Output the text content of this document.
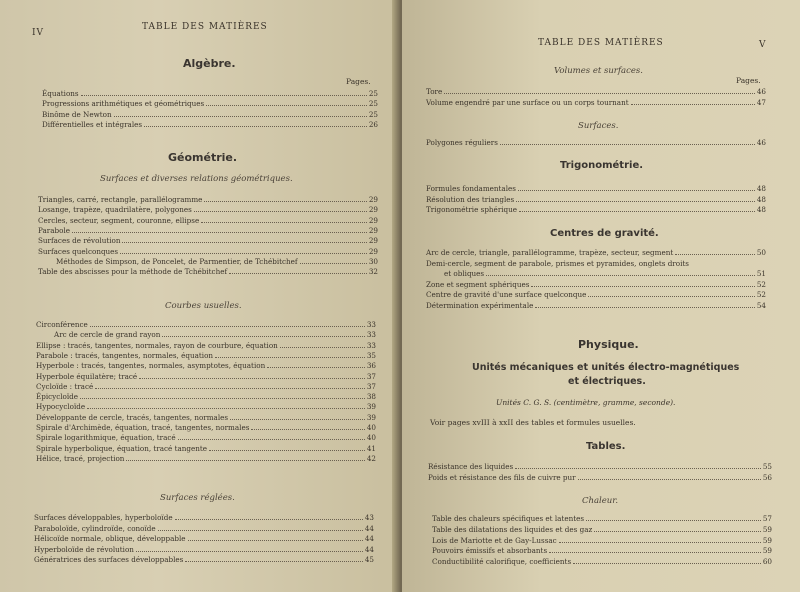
IV
TABLE DES MATIÈRES
Algèbre.
Pages.
Géométrie.
Surfaces et diverses relations géométriques.
Courbes usuelles.
Surfaces réglées.
Équations	25
Progressions arithmétiques et géométriques	25
Binôme de Newton	25
Différentielles et intégrales	26
Triangles, carré, rectangle, parallélogramme	29
Losange, trapèze, quadrilatère, polygones	29
Cercles, secteur, segment, couronne, ellipse	29
Parabole	29
Surfaces de révolution	29
Surfaces quelconques	29
Méthodes de Simpson, de Poncelet, de Parmentier, de Tchébitchef	30
Table des abscisses pour la méthode de Tchébitchef	32
Circonférence	33
Arc de cercle de grand rayon	33
Ellipse : tracés, tangentes, normales, rayon de courbure, équation	33
Parabole : tracés, tangentes, normales, équation	35
Hyperbole : tracés, tangentes, normales, asymptotes, équation	36
Hyperbole équilatère; tracé	37
Cycloïde : tracé	37
Épicycloïde	38
Hypocycloïde	39
Développante de cercle, tracés, tangentes, normales	39
Spirale d'Archimède, équation, tracé, tangentes, normales	40
Spirale logarithmique, équation, tracé	40
Spirale hyperbolique, équation, tracé tangente	41
Hélice, tracé, projection	42
Surfaces développables, hyperboloïde	43
Paraboloïde, cylindroïde, conoïde	44
Hélicoïde normale, oblique, développable	44
Hyperboloïde de révolution	44
Génératrices des surfaces développables	45
TABLE DES MATIÈRES	V
Volumes et surfaces.
Pages.
Surfaces.
Trigonométrie.
Centres de gravité.
Physique.
Unités mécaniques et unités électro-magnétiques
et électriques.
Unités C. G. S. (centimètre, gramme, seconde).
Voir pages xvIII à xxII des tables et formules usuelles.
Tables.
Chaleur.
Tore	46
Volume engendré par une surface ou un corps tournant	47
Polygones réguliers	46
Formules fondamentales	48
Résolution des triangles	48
Trigonométrie sphérique	48
Arc de cercle, triangle, parallélogramme, trapèze, secteur, segment	50
Demi-cercle, segment de parabole, prismes et pyramides, onglets droits
et obliques	51
Zone et segment sphériques	52
Centre de gravité d'une surface quelconque	52
Détermination expérimentale	54
Résistance des liquides	55
Poids et résistance des fils de cuivre pur	56
Table des chaleurs spécifiques et latentes	57
Table des dilatations des liquides et des gaz	59
Lois de Mariotte et de Gay-Lussac	59
Pouvoirs émissifs et absorbants	59
Conductibilité calorifique, coefficients	60
